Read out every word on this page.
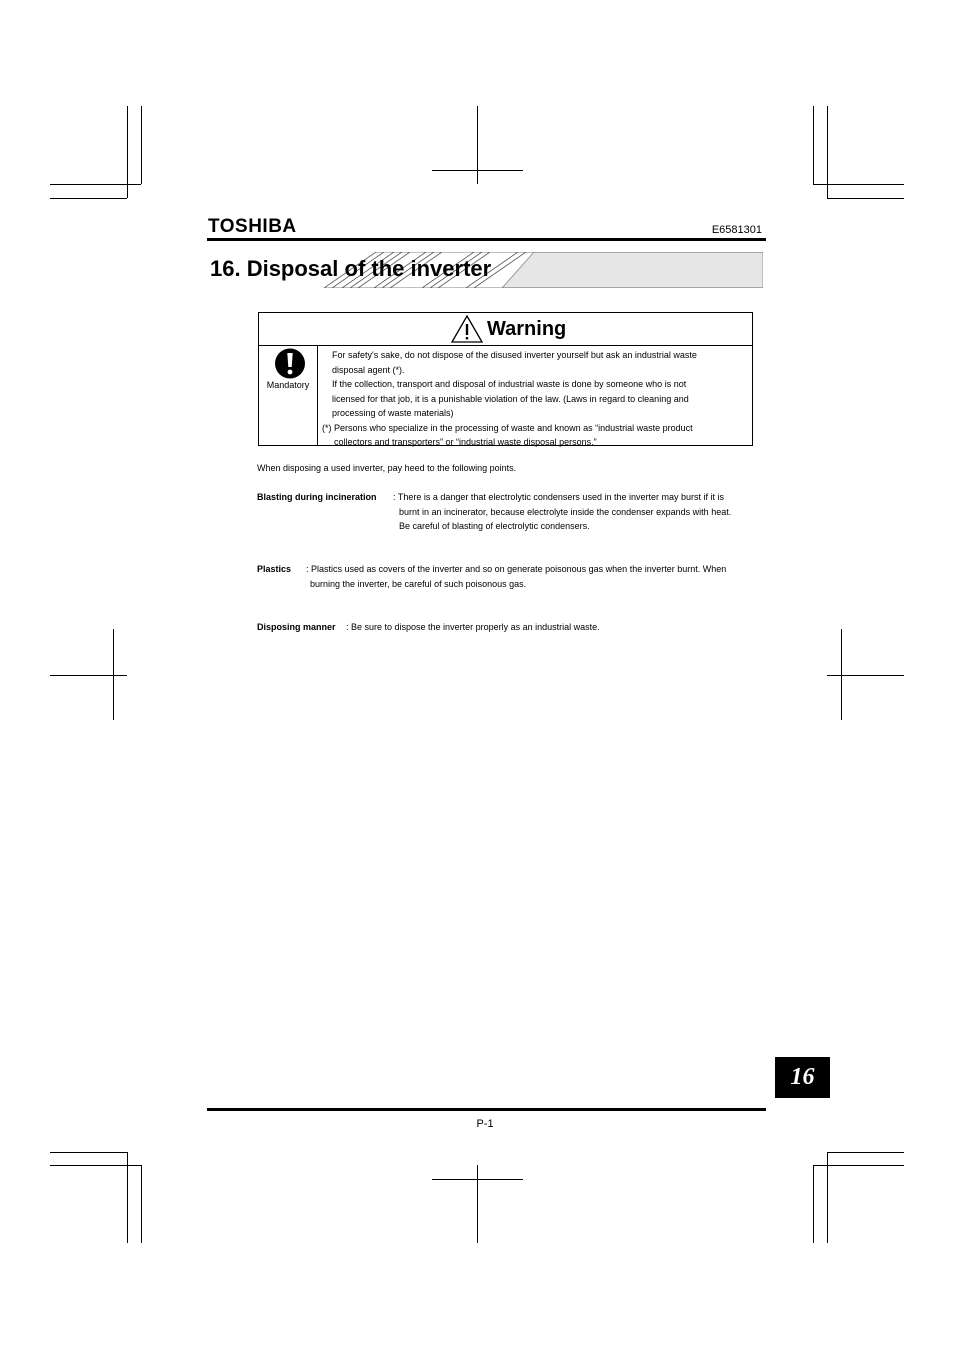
TOSHIBA	E6581301
16. Disposal of the inverter
Warning
Mandatory
For safety's sake, do not dispose of the disused inverter yourself but ask an industrial waste
disposal agent (*).
If the collection, transport and disposal of industrial waste is done by someone who is not
licensed for that job, it is a punishable violation of the law. (Laws in regard to cleaning and
processing of waste materials)
(*) Persons who specialize in the processing of waste and known as “industrial waste product
collectors and transporters” or “industrial waste disposal persons.”
When disposing a used inverter, pay heed to the following points.
Blasting during incineration : There is a danger that electrolytic condensers used in the inverter may burst if it is
burnt in an incinerator, because electrolyte inside the condenser expands with heat.
Be careful of blasting of electrolytic condensers.
Plastics : Plastics used as covers of the inverter and so on generate poisonous gas when the inverter burnt. When
burning the inverter, be careful of such poisonous gas.
Disposing manner : Be sure to dispose the inverter properly as an industrial waste.
16
P-1
